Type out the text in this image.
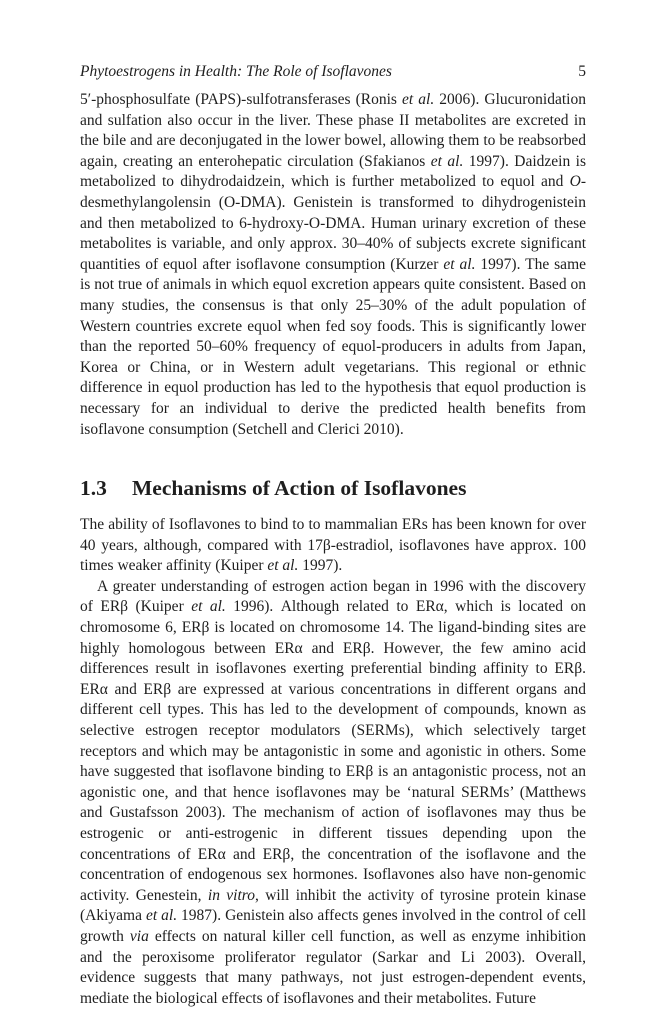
Phytoestrogens in Health: The Role of Isoflavones	5

5′-phosphosulfate (PAPS)-sulfotransferases (Ronis et al. 2006). Glucuronidation and sulfation also occur in the liver. These phase II metabolites are excreted in the bile and are deconjugated in the lower bowel, allowing them to be reabsorbed again, creating an enterohepatic circulation (Sfakianos et al. 1997). Daidzein is metabolized to dihydrodaidzein, which is further metabolized to equol and O-desmethylangolensin (O-DMA). Genistein is transformed to dihydrogenistein and then metabolized to 6-hydroxy-O-DMA. Human urinary excretion of these metabolites is variable, and only approx. 30–40% of subjects excrete significant quantities of equol after isoflavone consumption (Kurzer et al. 1997). The same is not true of animals in which equol excretion appears quite consistent. Based on many studies, the consensus is that only 25–30% of the adult population of Western countries excrete equol when fed soy foods. This is significantly lower than the reported 50–60% frequency of equol-producers in adults from Japan, Korea or China, or in Western adult vegetarians. This regional or ethnic difference in equol production has led to the hypothesis that equol production is necessary for an individual to derive the predicted health benefits from isoflavone consumption (Setchell and Clerici 2010).

1.3 Mechanisms of Action of Isoflavones

The ability of Isoflavones to bind to to mammalian ERs has been known for over 40 years, although, compared with 17β-estradiol, isoflavones have approx. 100 times weaker affinity (Kuiper et al. 1997).

A greater understanding of estrogen action began in 1996 with the discovery of ERβ (Kuiper et al. 1996). Although related to ERα, which is located on chromosome 6, ERβ is located on chromosome 14. The ligand-binding sites are highly homologous between ERα and ERβ. However, the few amino acid differences result in isoflavones exerting preferential binding affinity to ERβ. ERα and ERβ are expressed at various concentrations in different organs and different cell types. This has led to the development of compounds, known as selective estrogen receptor modulators (SERMs), which selectively target receptors and which may be antagonistic in some and agonistic in others. Some have suggested that isoflavone binding to ERβ is an antagonistic process, not an agonistic one, and that hence isoflavones may be ‘natural SERMs’ (Matthews and Gustafsson 2003). The mechanism of action of isoflavones may thus be estrogenic or anti-estrogenic in different tissues depending upon the concentrations of ERα and ERβ, the concentration of the isoflavone and the concentration of endogenous sex hormones. Isoflavones also have non-genomic activity. Genestein, in vitro, will inhibit the activity of tyrosine protein kinase (Akiyama et al. 1987). Genistein also affects genes involved in the control of cell growth via effects on natural killer cell function, as well as enzyme inhibition and the peroxisome proliferator regulator (Sarkar and Li 2003). Overall, evidence suggests that many pathways, not just estrogen-dependent events, mediate the biological effects of isoflavones and their metabolites. Future
